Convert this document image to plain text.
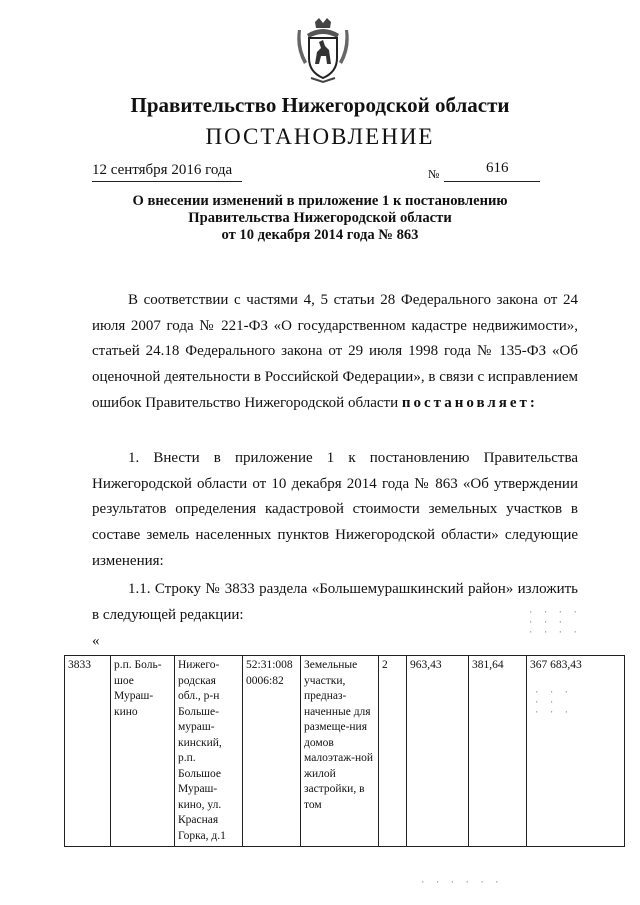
Правительство Нижегородской области
ПОСТАНОВЛЕНИЕ
12 сентября 2016 года	№	616
О внесении изменений в приложение 1 к постановлению
Правительства Нижегородской области
от 10 декабря 2014 года № 863
В соответствии с частями 4, 5 статьи 28 Федерального закона от 24 июля 2007 года № 221-ФЗ «О государственном кадастре недвижимости», статьей 24.18 Федерального закона от 29 июля 1998 года № 135-ФЗ «Об оценочной деятельности в Российской Федерации», в связи с исправлением ошибок Правительство Нижегородской области постановляет:
1. Внести в приложение 1 к постановлению Правительства Нижегородской области от 10 декабря 2014 года № 863 «Об утверждении результатов определения кадастровой стоимости земельных участков в составе земель населенных пунктов Нижегородской области» следующие изменения:
1.1. Строку № 3833 раздела «Большемурашкинский район» изложить в следующей редакции:
«
3833	р.п. Боль-шое Мураш-кино	Нижего-родская обл., р-н Больше-мураш-кинский, р.п. Большое Мураш-кино, ул. Красная Горка, д.1	52:31:008 0006:82	Земельные участки, предназ-наченные для размеще-ния домов малоэтаж-ной жилой застройки, в том	2	963,43	381,64	367 683,43
· · · ·
· · ·
· · · ·
· · ·
· ·
· · ·
· · · · · ·
